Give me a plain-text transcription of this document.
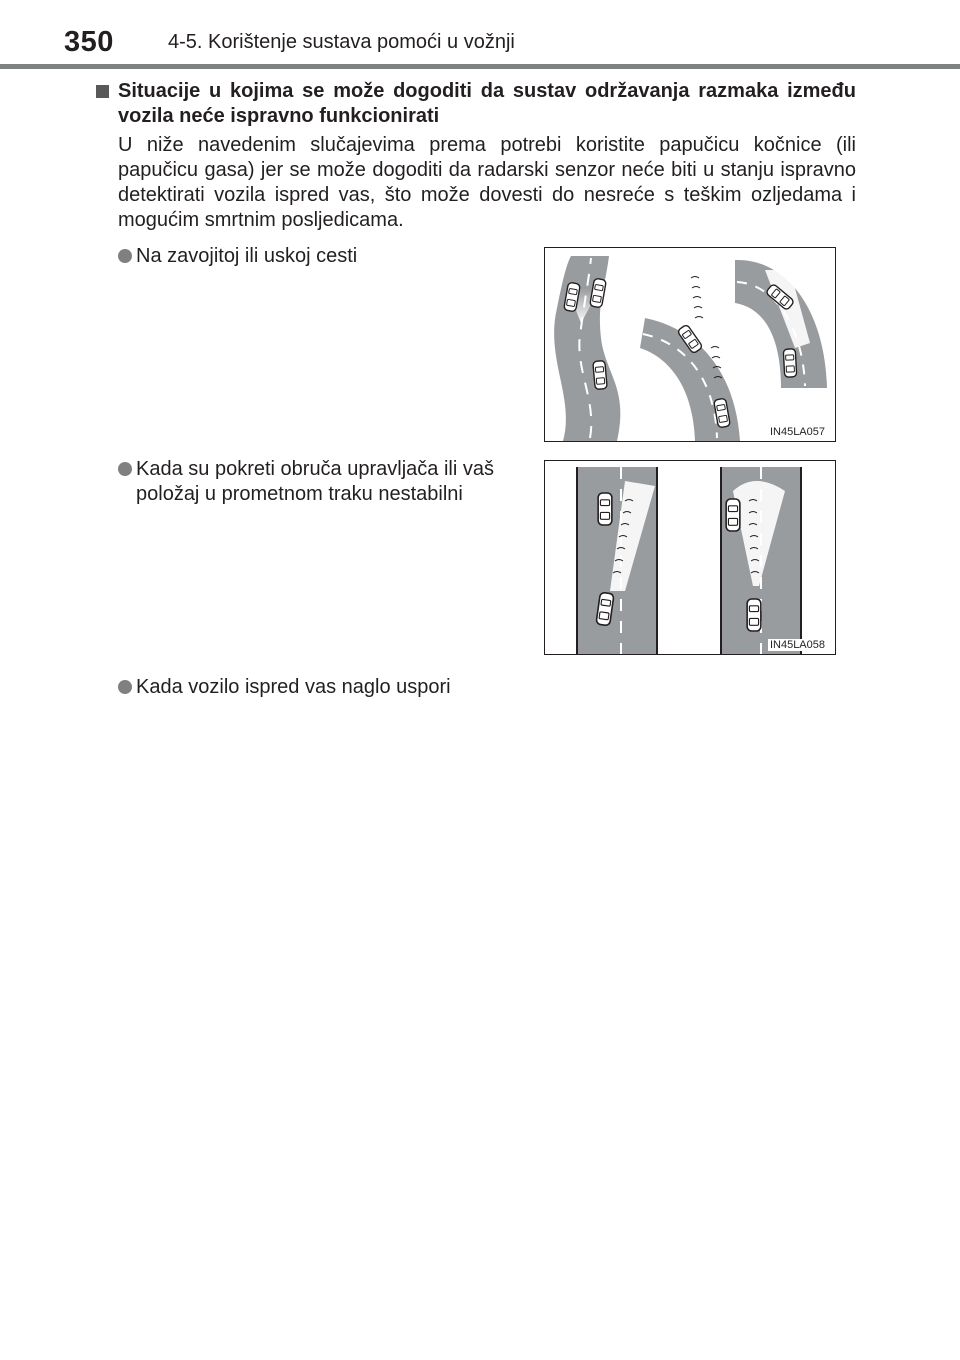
350	4-5. Korištenje sustava pomoći u vožnji
Situacije u kojima se može dogoditi da sustav održavanja razmaka između vozila neće ispravno funkcionirati
U niže navedenim slučajevima prema potrebi koristite papučicu kočnice (ili papučicu gasa) jer se može dogoditi da radarski senzor neće biti u stanju ispravno detektirati vozila ispred vas, što može dovesti do nesreće s teškim ozljedama i mogućim smrtnim posljedicama.
Na zavojitoj ili uskoj cesti
Kada su pokreti obruča upravljača ili vaš položaj u prometnom traku nestabilni
Kada vozilo ispred vas naglo uspori
IN45LA057
IN45LA058
